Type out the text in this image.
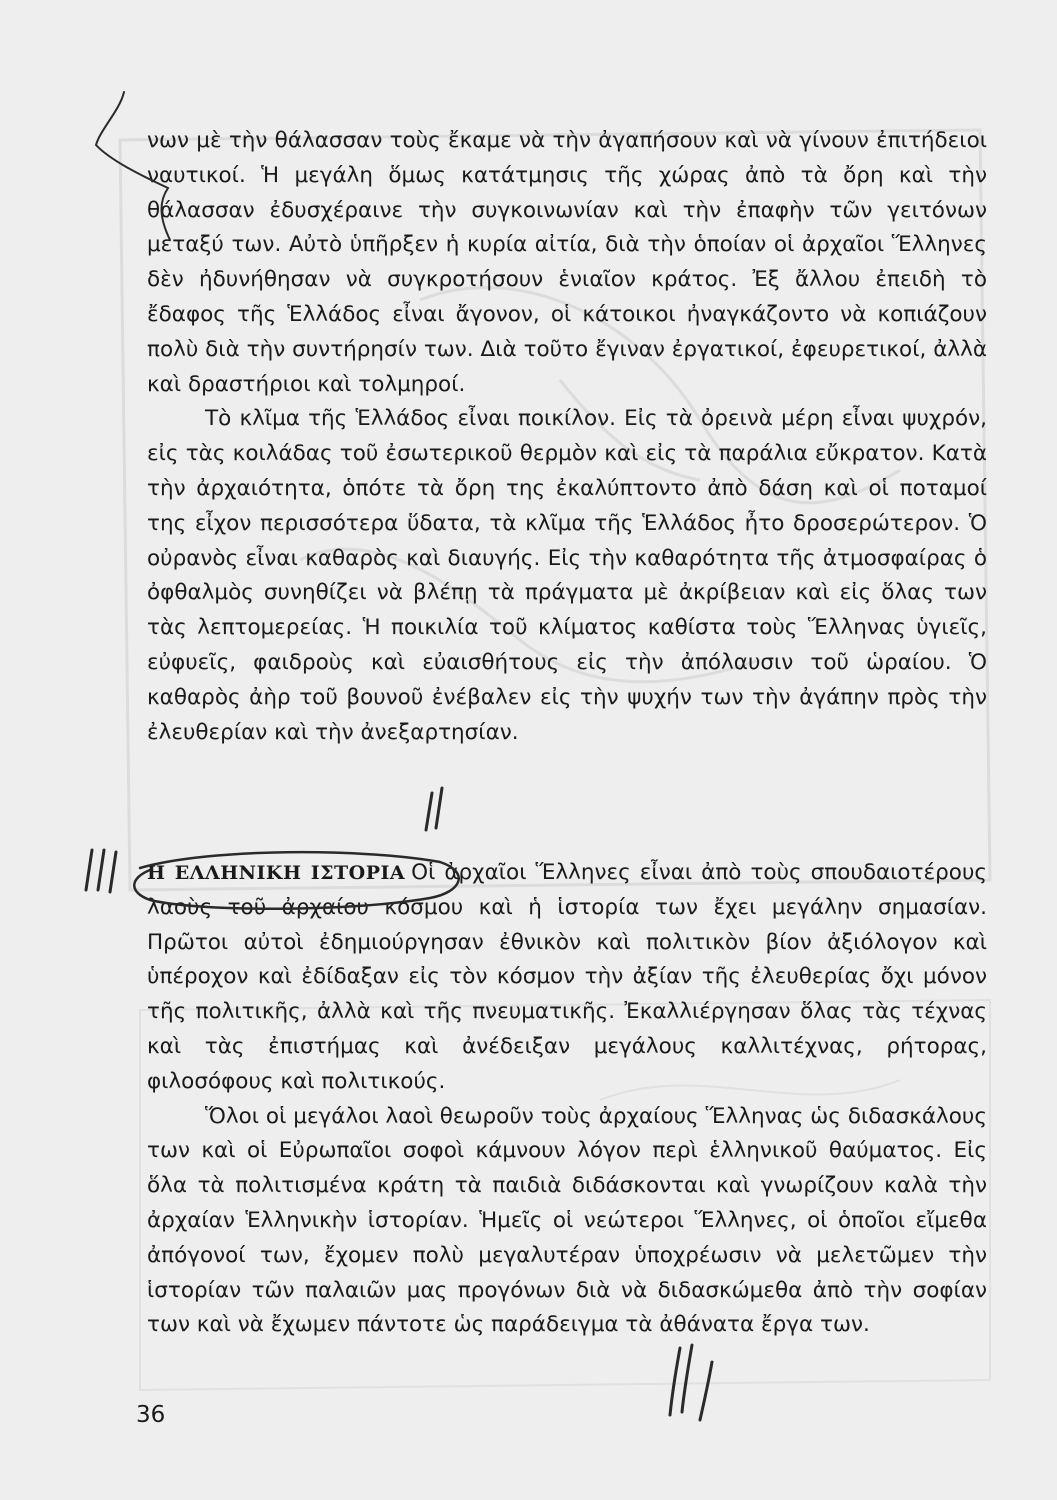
νων μὲ τὴν θάλασσαν τοὺς ἔκαμε νὰ τὴν ἀγαπήσουν καὶ νὰ γίνουν ἐπιτήδειοι ναυτικοί. Ἡ μεγάλη ὅμως κατάτμησις τῆς χώρας ἀπὸ τὰ ὄρη καὶ τὴν θάλασσαν ἐδυσχέραινε τὴν συγκοινωνίαν καὶ τὴν ἐπαφὴν τῶν γειτόνων μεταξύ των. Αὐτὸ ὑπῆρξεν ἡ κυρία αἰτία, διὰ τὴν ὁποίαν οἱ ἀρχαῖοι Ἕλληνες δὲν ἠδυνήθησαν νὰ συγκροτήσουν ἑνιαῖον κράτος. Ἐξ ἄλλου ἐπειδὴ τὸ ἔδαφος τῆς Ἑλλάδος εἶναι ἄγονον, οἱ κάτοικοι ἠναγκάζοντο νὰ κοπιάζουν πολὺ διὰ τὴν συντήρησίν των. Διὰ τοῦτο ἔγιναν ἐργατικοί, ἐφευρετικοί, ἀλλὰ καὶ δραστήριοι καὶ τολμηροί.

Τὸ κλῖμα τῆς Ἑλλάδος εἶναι ποικίλον. Εἰς τὰ ὀρεινὰ μέρη εἶναι ψυχρόν, εἰς τὰς κοιλάδας τοῦ ἐσωτερικοῦ θερμὸν καὶ εἰς τὰ παράλια εὔκρατον. Κατὰ τὴν ἀρχαιότητα, ὁπότε τὰ ὄρη της ἐκαλύπτοντο ἀπὸ δάση καὶ οἱ ποταμοί της εἶχον περισσότερα ὕδατα, τὰ κλῖμα τῆς Ἑλλάδος ἦτο δροσερώτερον. Ὁ οὐρανὸς εἶναι καθαρὸς καὶ διαυγής. Εἰς τὴν καθαρότητα τῆς ἀτμοσφαίρας ὁ ὀφθαλμὸς συνηθίζει νὰ βλέπῃ τὰ πράγματα μὲ ἀκρίβειαν καὶ εἰς ὅλας των τὰς λεπτομερείας. Ἡ ποικιλία τοῦ κλίματος καθίστα τοὺς Ἕλληνας ὑγιεῖς, εὐφυεῖς, φαιδροὺς καὶ εὐαισθήτους εἰς τὴν ἀπόλαυσιν τοῦ ὡραίου. Ὁ καθαρὸς ἀὴρ τοῦ βουνοῦ ἐνέβαλεν εἰς τὴν ψυχήν των τὴν ἀγάπην πρὸς τὴν ἐλευθερίαν καὶ τὴν ἀνεξαρτησίαν.

Η ΕΛΛΗΝΙΚΗ ΙΣΤΟΡΙΑ Οἱ ἀρχαῖοι Ἕλληνες εἶναι ἀπὸ τοὺς σπουδαιοτέρους λαοὺς τοῦ ἀρχαίου κόσμου καὶ ἡ ἱστορία των ἔχει μεγάλην σημασίαν. Πρῶτοι αὐτοὶ ἐδημιούργησαν ἐθνικὸν καὶ πολιτικὸν βίον ἀξιόλογον καὶ ὑπέροχον καὶ ἐδίδαξαν εἰς τὸν κόσμον τὴν ἀξίαν τῆς ἐλευθερίας ὄχι μόνον τῆς πολιτικῆς, ἀλλὰ καὶ τῆς πνευματικῆς. Ἐκαλλιέργησαν ὅλας τὰς τέχνας καὶ τὰς ἐπιστήμας καὶ ἀνέδειξαν μεγάλους καλλιτέχνας, ρήτορας, φιλοσόφους καὶ πολιτικούς.

Ὅλοι οἱ μεγάλοι λαοὶ θεωροῦν τοὺς ἀρχαίους Ἕλληνας ὡς διδασκάλους των καὶ οἱ Εὐρωπαῖοι σοφοὶ κάμνουν λόγον περὶ ἑλληνικοῦ θαύματος. Εἰς ὅλα τὰ πολιτισμένα κράτη τὰ παιδιὰ διδάσκονται καὶ γνωρίζουν καλὰ τὴν ἀρχαίαν Ἑλληνικὴν ἱστορίαν. Ἡμεῖς οἱ νεώτεροι Ἕλληνες, οἱ ὁποῖοι εἴμεθα ἀπόγονοί των, ἔχομεν πολὺ μεγαλυτέραν ὑποχρέωσιν νὰ μελετῶμεν τὴν ἱστορίαν τῶν παλαιῶν μας προγόνων διὰ νὰ διδασκώμεθα ἀπὸ τὴν σοφίαν των καὶ νὰ ἔχωμεν πάντοτε ὡς παράδειγμα τὰ ἀθάνατα ἔργα των.

36
